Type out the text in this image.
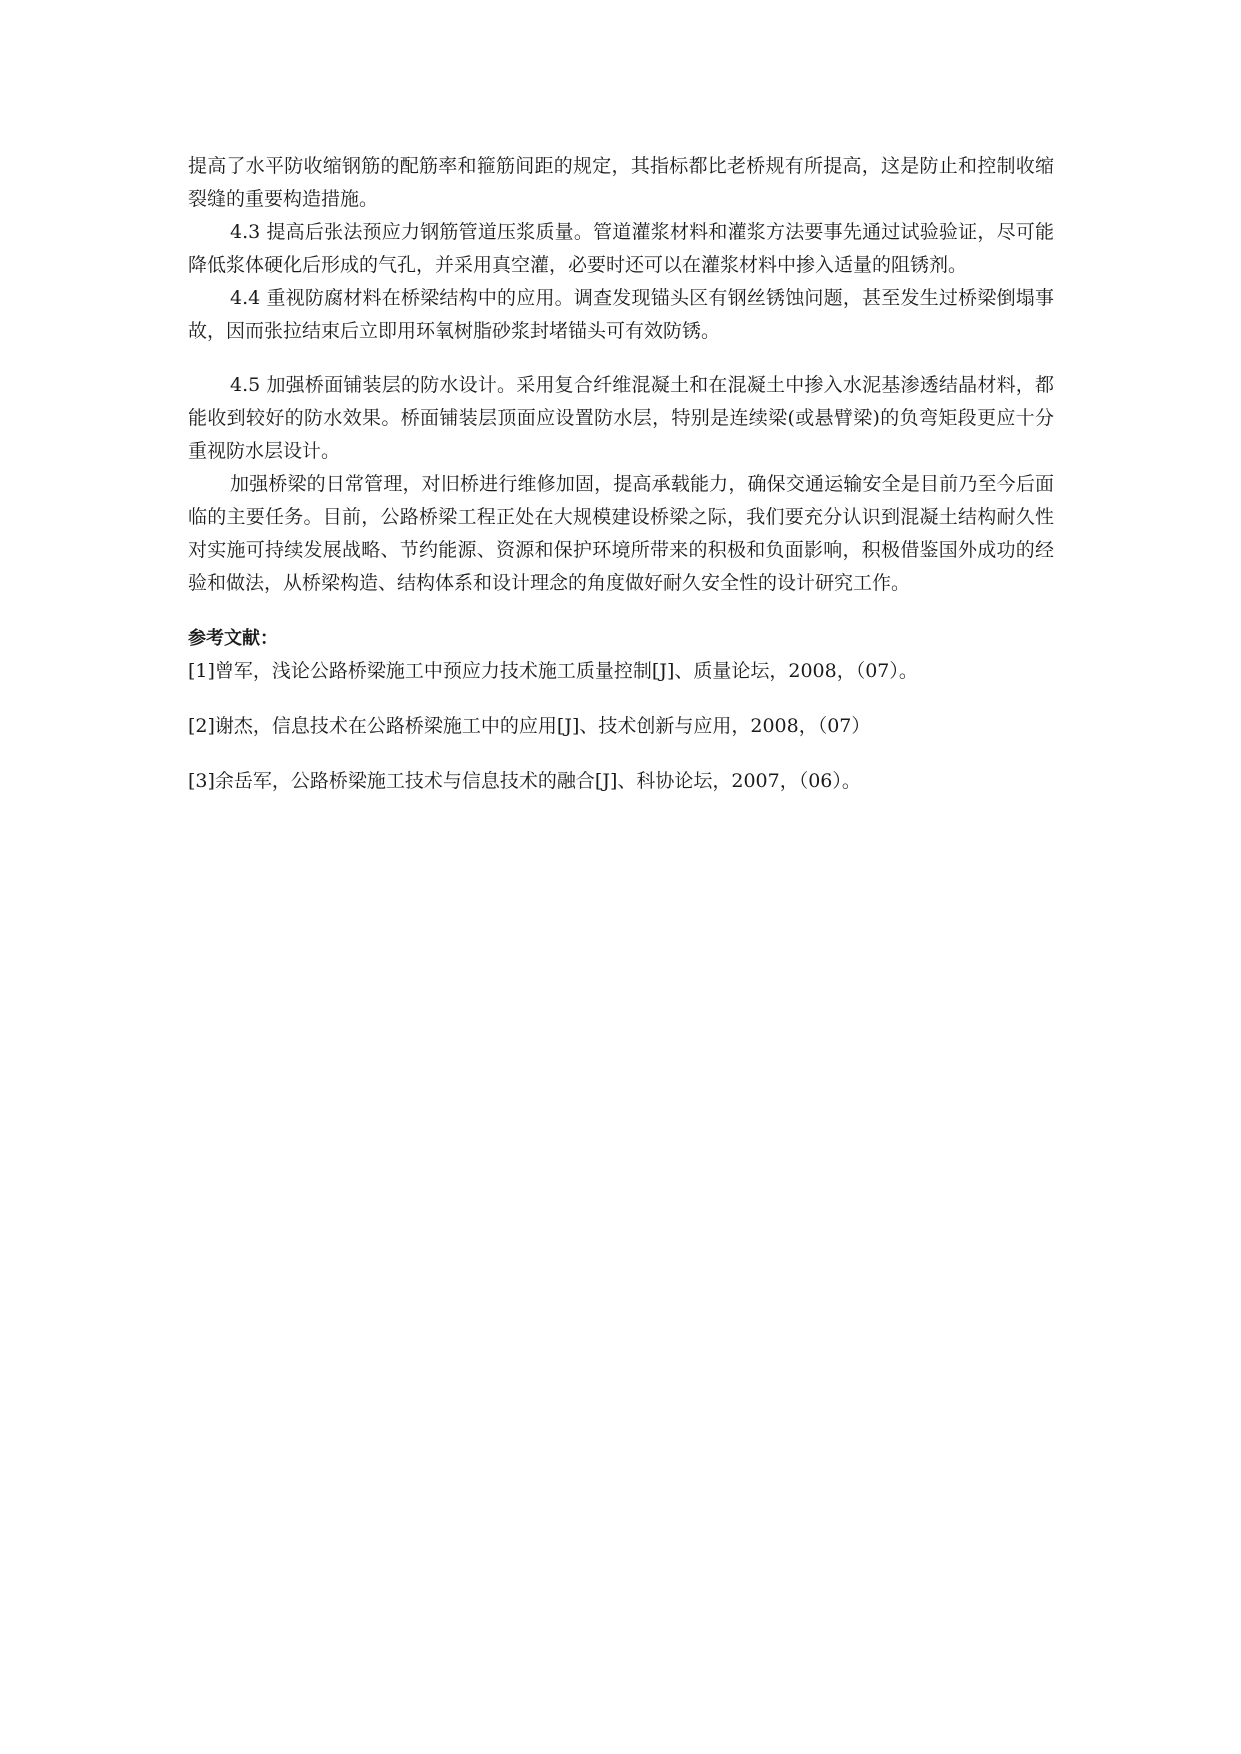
提高了水平防收缩钢筋的配筋率和箍筋间距的规定，其指标都比老桥规有所提高，这是防止和控制收缩裂缝的重要构造措施。

4.3 提高后张法预应力钢筋管道压浆质量。管道灌浆材料和灌浆方法要事先通过试验验证，尽可能降低浆体硬化后形成的气孔，并采用真空灌，必要时还可以在灌浆材料中掺入适量的阻锈剂。

4.4 重视防腐材料在桥梁结构中的应用。调查发现锚头区有钢丝锈蚀问题，甚至发生过桥梁倒塌事故，因而张拉结束后立即用环氧树脂砂浆封堵锚头可有效防锈。

4.5 加强桥面铺装层的防水设计。采用复合纤维混凝土和在混凝土中掺入水泥基渗透结晶材料，都能收到较好的防水效果。桥面铺装层顶面应设置防水层，特别是连续梁(或悬臂梁)的负弯矩段更应十分重视防水层设计。

加强桥梁的日常管理，对旧桥进行维修加固，提高承载能力，确保交通运输安全是目前乃至今后面临的主要任务。目前，公路桥梁工程正处在大规模建设桥梁之际，我们要充分认识到混凝土结构耐久性对实施可持续发展战略、节约能源、资源和保护环境所带来的积极和负面影响，积极借鉴国外成功的经验和做法，从桥梁构造、结构体系和设计理念的角度做好耐久安全性的设计研究工作。

参考文献：

[1]曾军，浅论公路桥梁施工中预应力技术施工质量控制[J]、质量论坛，2008，（07）。

[2]谢杰，信息技术在公路桥梁施工中的应用[J]、技术创新与应用，2008，（07）

[3]余岳军，公路桥梁施工技术与信息技术的融合[J]、科协论坛，2007，（06）。
